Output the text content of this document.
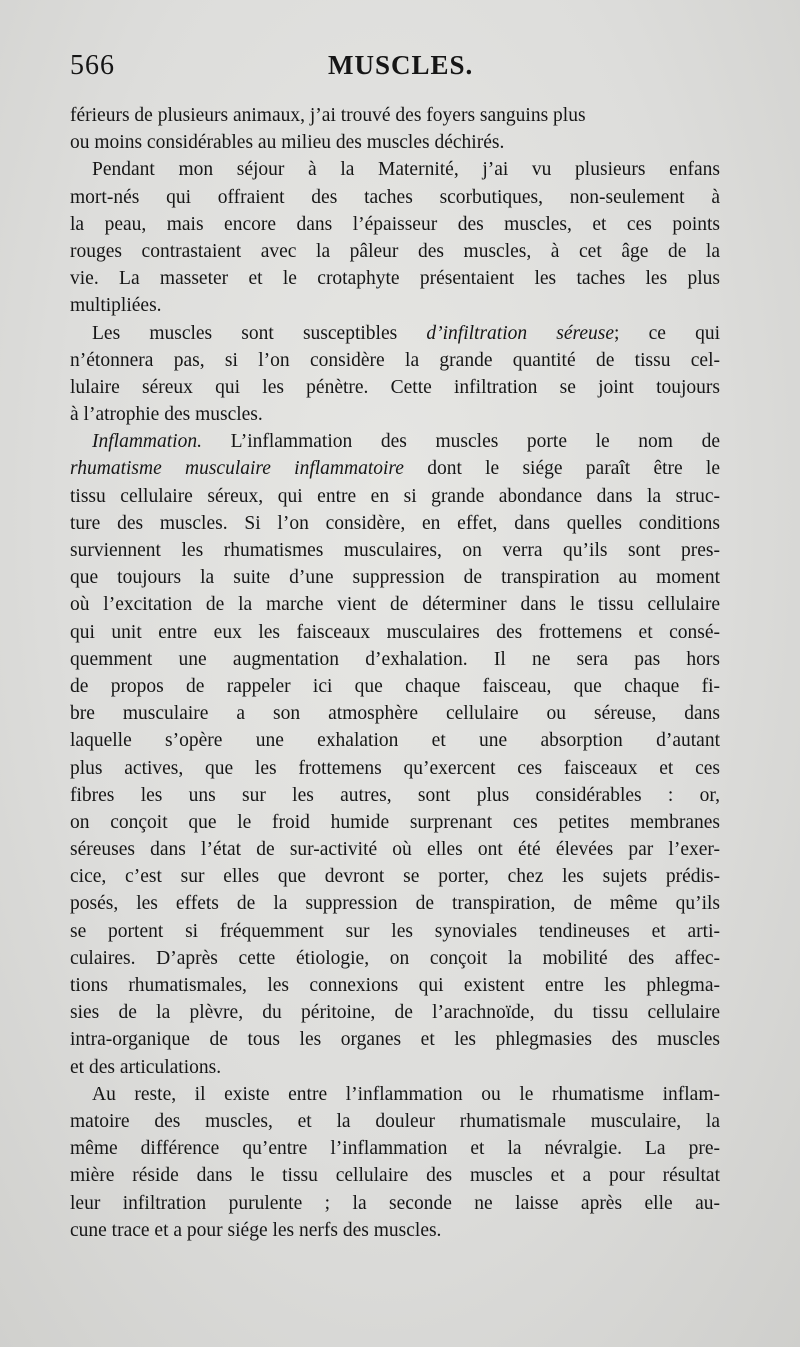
566	MUSCLES.
férieurs de plusieurs animaux, j’ai trouvé des foyers sanguins plus
ou moins considérables au milieu des muscles déchirés.
Pendant mon séjour à la Maternité, j’ai vu plusieurs enfans
mort-nés qui offraient des taches scorbutiques, non-seulement à
la peau, mais encore dans l’épaisseur des muscles, et ces points
rouges contrastaient avec la pâleur des muscles, à cet âge de la
vie. La masseter et le crotaphyte présentaient les taches les plus
multipliées.
Les muscles sont susceptibles d’infiltration séreuse; ce qui
n’étonnera pas, si l’on considère la grande quantité de tissu cel-
lulaire séreux qui les pénètre. Cette infiltration se joint toujours
à l’atrophie des muscles.
Inflammation. L’inflammation des muscles porte le nom de
rhumatisme musculaire inflammatoire dont le siége paraît être le
tissu cellulaire séreux, qui entre en si grande abondance dans la struc-
ture des muscles. Si l’on considère, en effet, dans quelles conditions
surviennent les rhumatismes musculaires, on verra qu’ils sont pres-
que toujours la suite d’une suppression de transpiration au moment
où l’excitation de la marche vient de déterminer dans le tissu cellulaire
qui unit entre eux les faisceaux musculaires des frottemens et consé-
quemment une augmentation d’exhalation. Il ne sera pas hors
de propos de rappeler ici que chaque faisceau, que chaque fi-
bre musculaire a son atmosphère cellulaire ou séreuse, dans
laquelle s’opère une exhalation et une absorption d’autant
plus actives, que les frottemens qu’exercent ces faisceaux et ces
fibres les uns sur les autres, sont plus considérables : or,
on conçoit que le froid humide surprenant ces petites membranes
séreuses dans l’état de sur-activité où elles ont été élevées par l’exer-
cice, c’est sur elles que devront se porter, chez les sujets prédis-
posés, les effets de la suppression de transpiration, de même qu’ils
se portent si fréquemment sur les synoviales tendineuses et arti-
culaires. D’après cette étiologie, on conçoit la mobilité des affec-
tions rhumatismales, les connexions qui existent entre les phlegma-
sies de la plèvre, du péritoine, de l’arachnoïde, du tissu cellulaire
intra-organique de tous les organes et les phlegmasies des muscles
et des articulations.
Au reste, il existe entre l’inflammation ou le rhumatisme inflam-
matoire des muscles, et la douleur rhumatismale musculaire, la
même différence qu’entre l’inflammation et la névralgie. La pre-
mière réside dans le tissu cellulaire des muscles et a pour résultat
leur infiltration purulente ; la seconde ne laisse après elle au-
cune trace et a pour siége les nerfs des muscles.
